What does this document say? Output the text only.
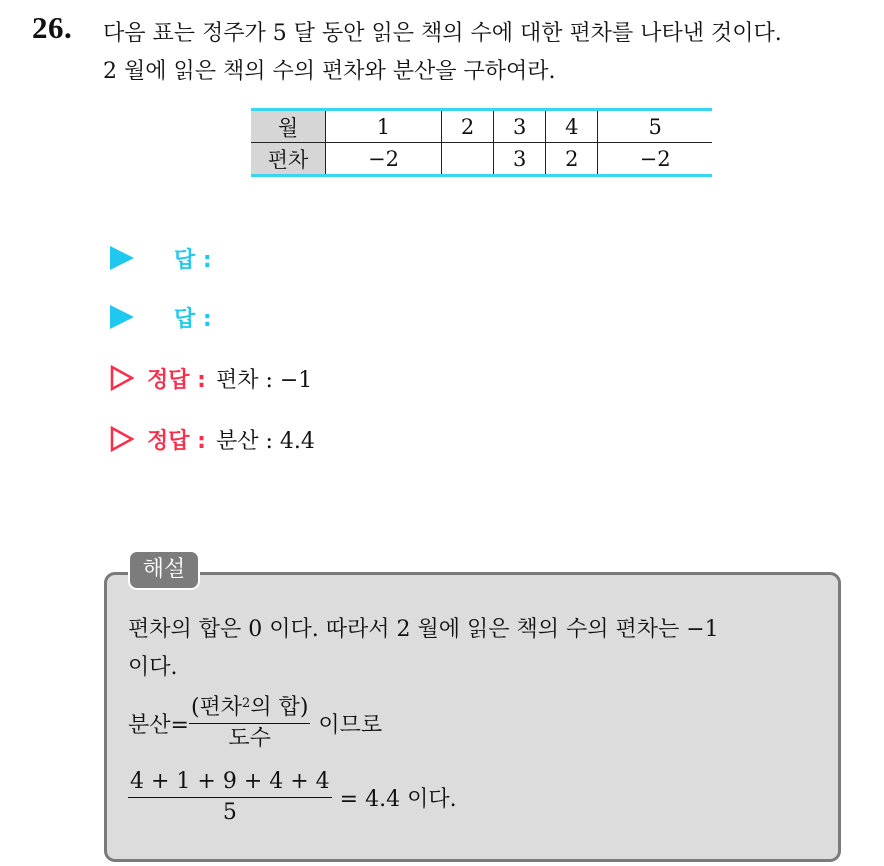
26. 다음 표는 정주가 5 달 동안 읽은 책의 수에 대한 편차를 나타낸 것이다.
2 월에 읽은 책의 수의 편차와 분산을 구하여라.
월	1	2	3	4	5
편차	−2		3	2	−2
답 :
답 :
정답 : 편차 : −1
정답 : 분산 : 4.4
해설
편차의 합은 0 이다. 따라서 2 월에 읽은 책의 수의 편차는 −1
이다.
분산= $\frac{(편차^2의 합)}{\text{도수}}$ 이므로
$\frac{4 + 1 + 9 + 4 + 4}{5} = 4.4$ 이다.
